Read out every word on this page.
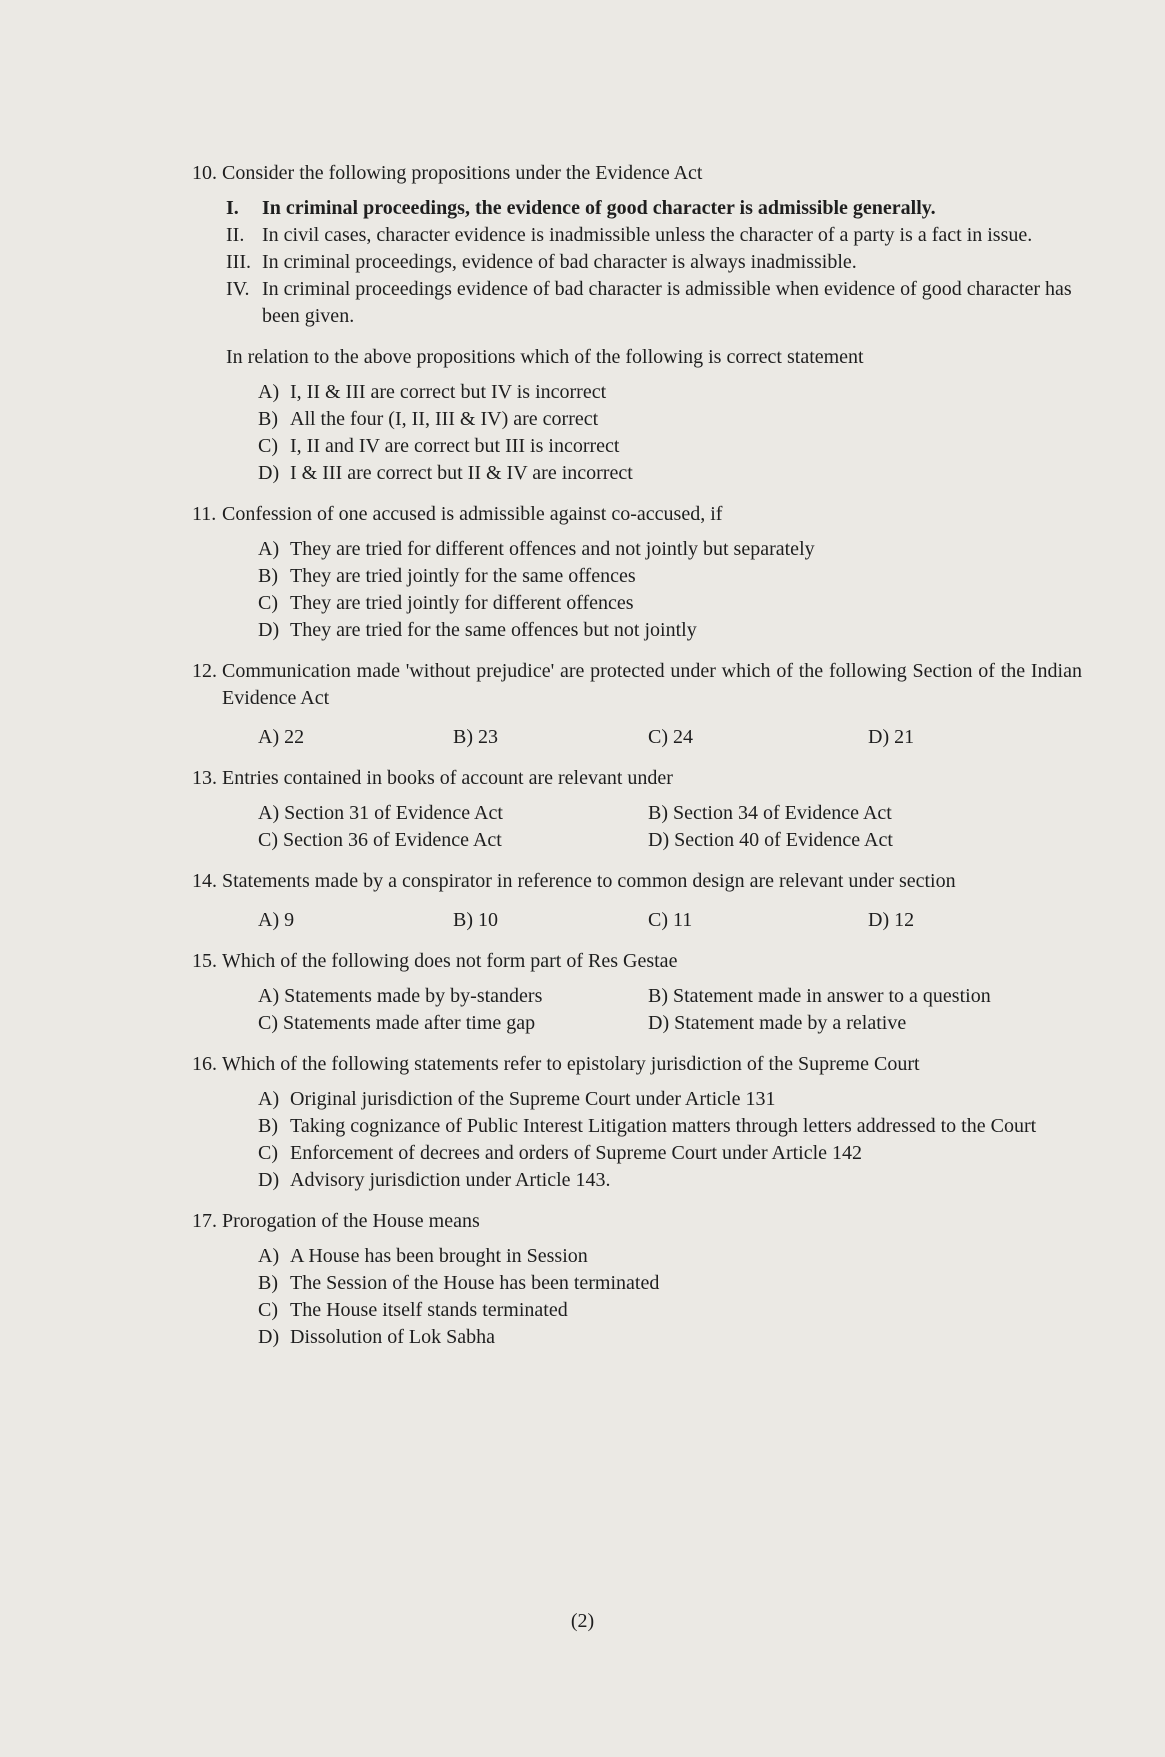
10. Consider the following propositions under the Evidence Act
I.	In criminal proceedings, the evidence of good character is admissible generally.
II. In civil cases, character evidence is inadmissible unless the character of a party is a fact in issue.
III. In criminal proceedings, evidence of bad character is always inadmissible.
IV. In criminal proceedings evidence of bad character is admissible when evidence of good character has been given.
In relation to the above propositions which of the following is correct statement
A) I, II & III are correct but IV is incorrect
B) All the four (I, II, III & IV) are correct
C) I, II and IV are correct but III is incorrect
D) I & III are correct but II & IV are incorrect
11. Confession of one accused is admissible against co-accused, if
A) They are tried for different offences and not jointly but separately
B) They are tried jointly for the same offences
C) They are tried jointly for different offences
D) They are tried for the same offences but not jointly
12. Communication made 'without prejudice' are protected under which of the following Section of the Indian Evidence Act
A) 22	B) 23	C) 24	D) 21
13. Entries contained in books of account are relevant under
A) Section 31 of Evidence Act	B) Section 34 of Evidence Act
C) Section 36 of Evidence Act	D) Section 40 of Evidence Act
14. Statements made by a conspirator in reference to common design are relevant under section
A) 9	B) 10	C) 11	D) 12
15. Which of the following does not form part of Res Gestae
A) Statements made by by-standers	B) Statement made in answer to a question
C) Statements made after time gap	D) Statement made by a relative
16. Which of the following statements refer to epistolary jurisdiction of the Supreme Court
A) Original jurisdiction of the Supreme Court under Article 131
B) Taking cognizance of Public Interest Litigation matters through letters addressed to the Court
C) Enforcement of decrees and orders of Supreme Court under Article 142
D) Advisory jurisdiction under Article 143.
17. Prorogation of the House means
A) A House has been brought in Session
B) The Session of the House has been terminated
C) The House itself stands terminated
D) Dissolution of Lok Sabha
(2)
